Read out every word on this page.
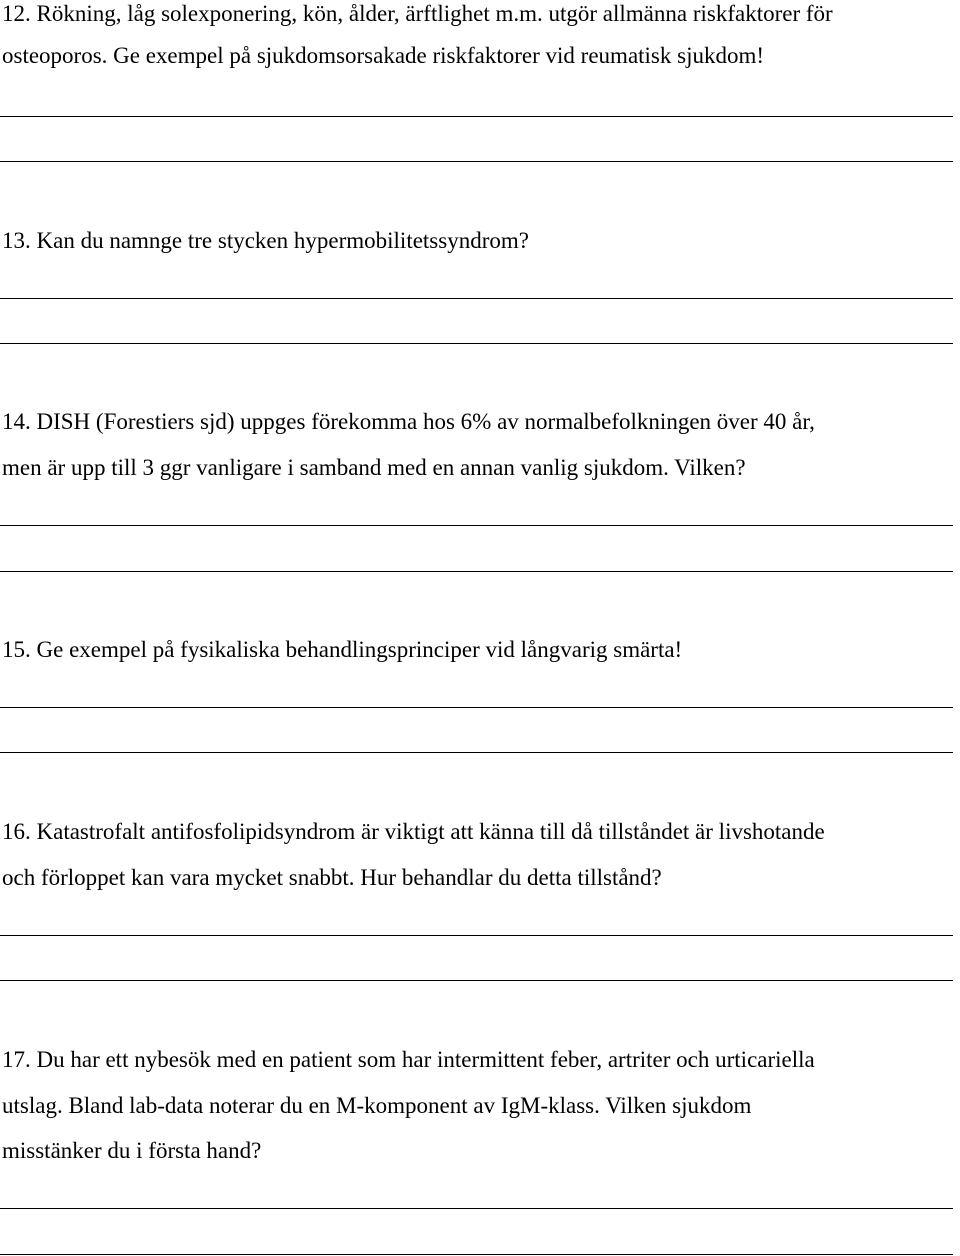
12. Rökning, låg solexponering, kön, ålder, ärftlighet m.m. utgör allmänna riskfaktorer för

osteoporos. Ge exempel på sjukdomsorsakade riskfaktorer vid reumatisk sjukdom!

13. Kan du namnge tre stycken hypermobilitetssyndrom?

14. DISH (Forestiers sjd) uppges förekomma hos 6% av normalbefolkningen över 40 år,

men är upp till 3 ggr vanligare i samband med en annan vanlig sjukdom. Vilken?

15. Ge exempel på fysikaliska behandlingsprinciper vid långvarig smärta!

16. Katastrofalt antifosfolipidsyndrom är viktigt att känna till då tillståndet är livshotande

och förloppet kan vara mycket snabbt. Hur behandlar du detta tillstånd?

17. Du har ett nybesök med en patient som har intermittent feber, artriter och urticariella

utslag. Bland lab-data noterar du en M-komponent av IgM-klass. Vilken sjukdom

misstänker du i första hand?
